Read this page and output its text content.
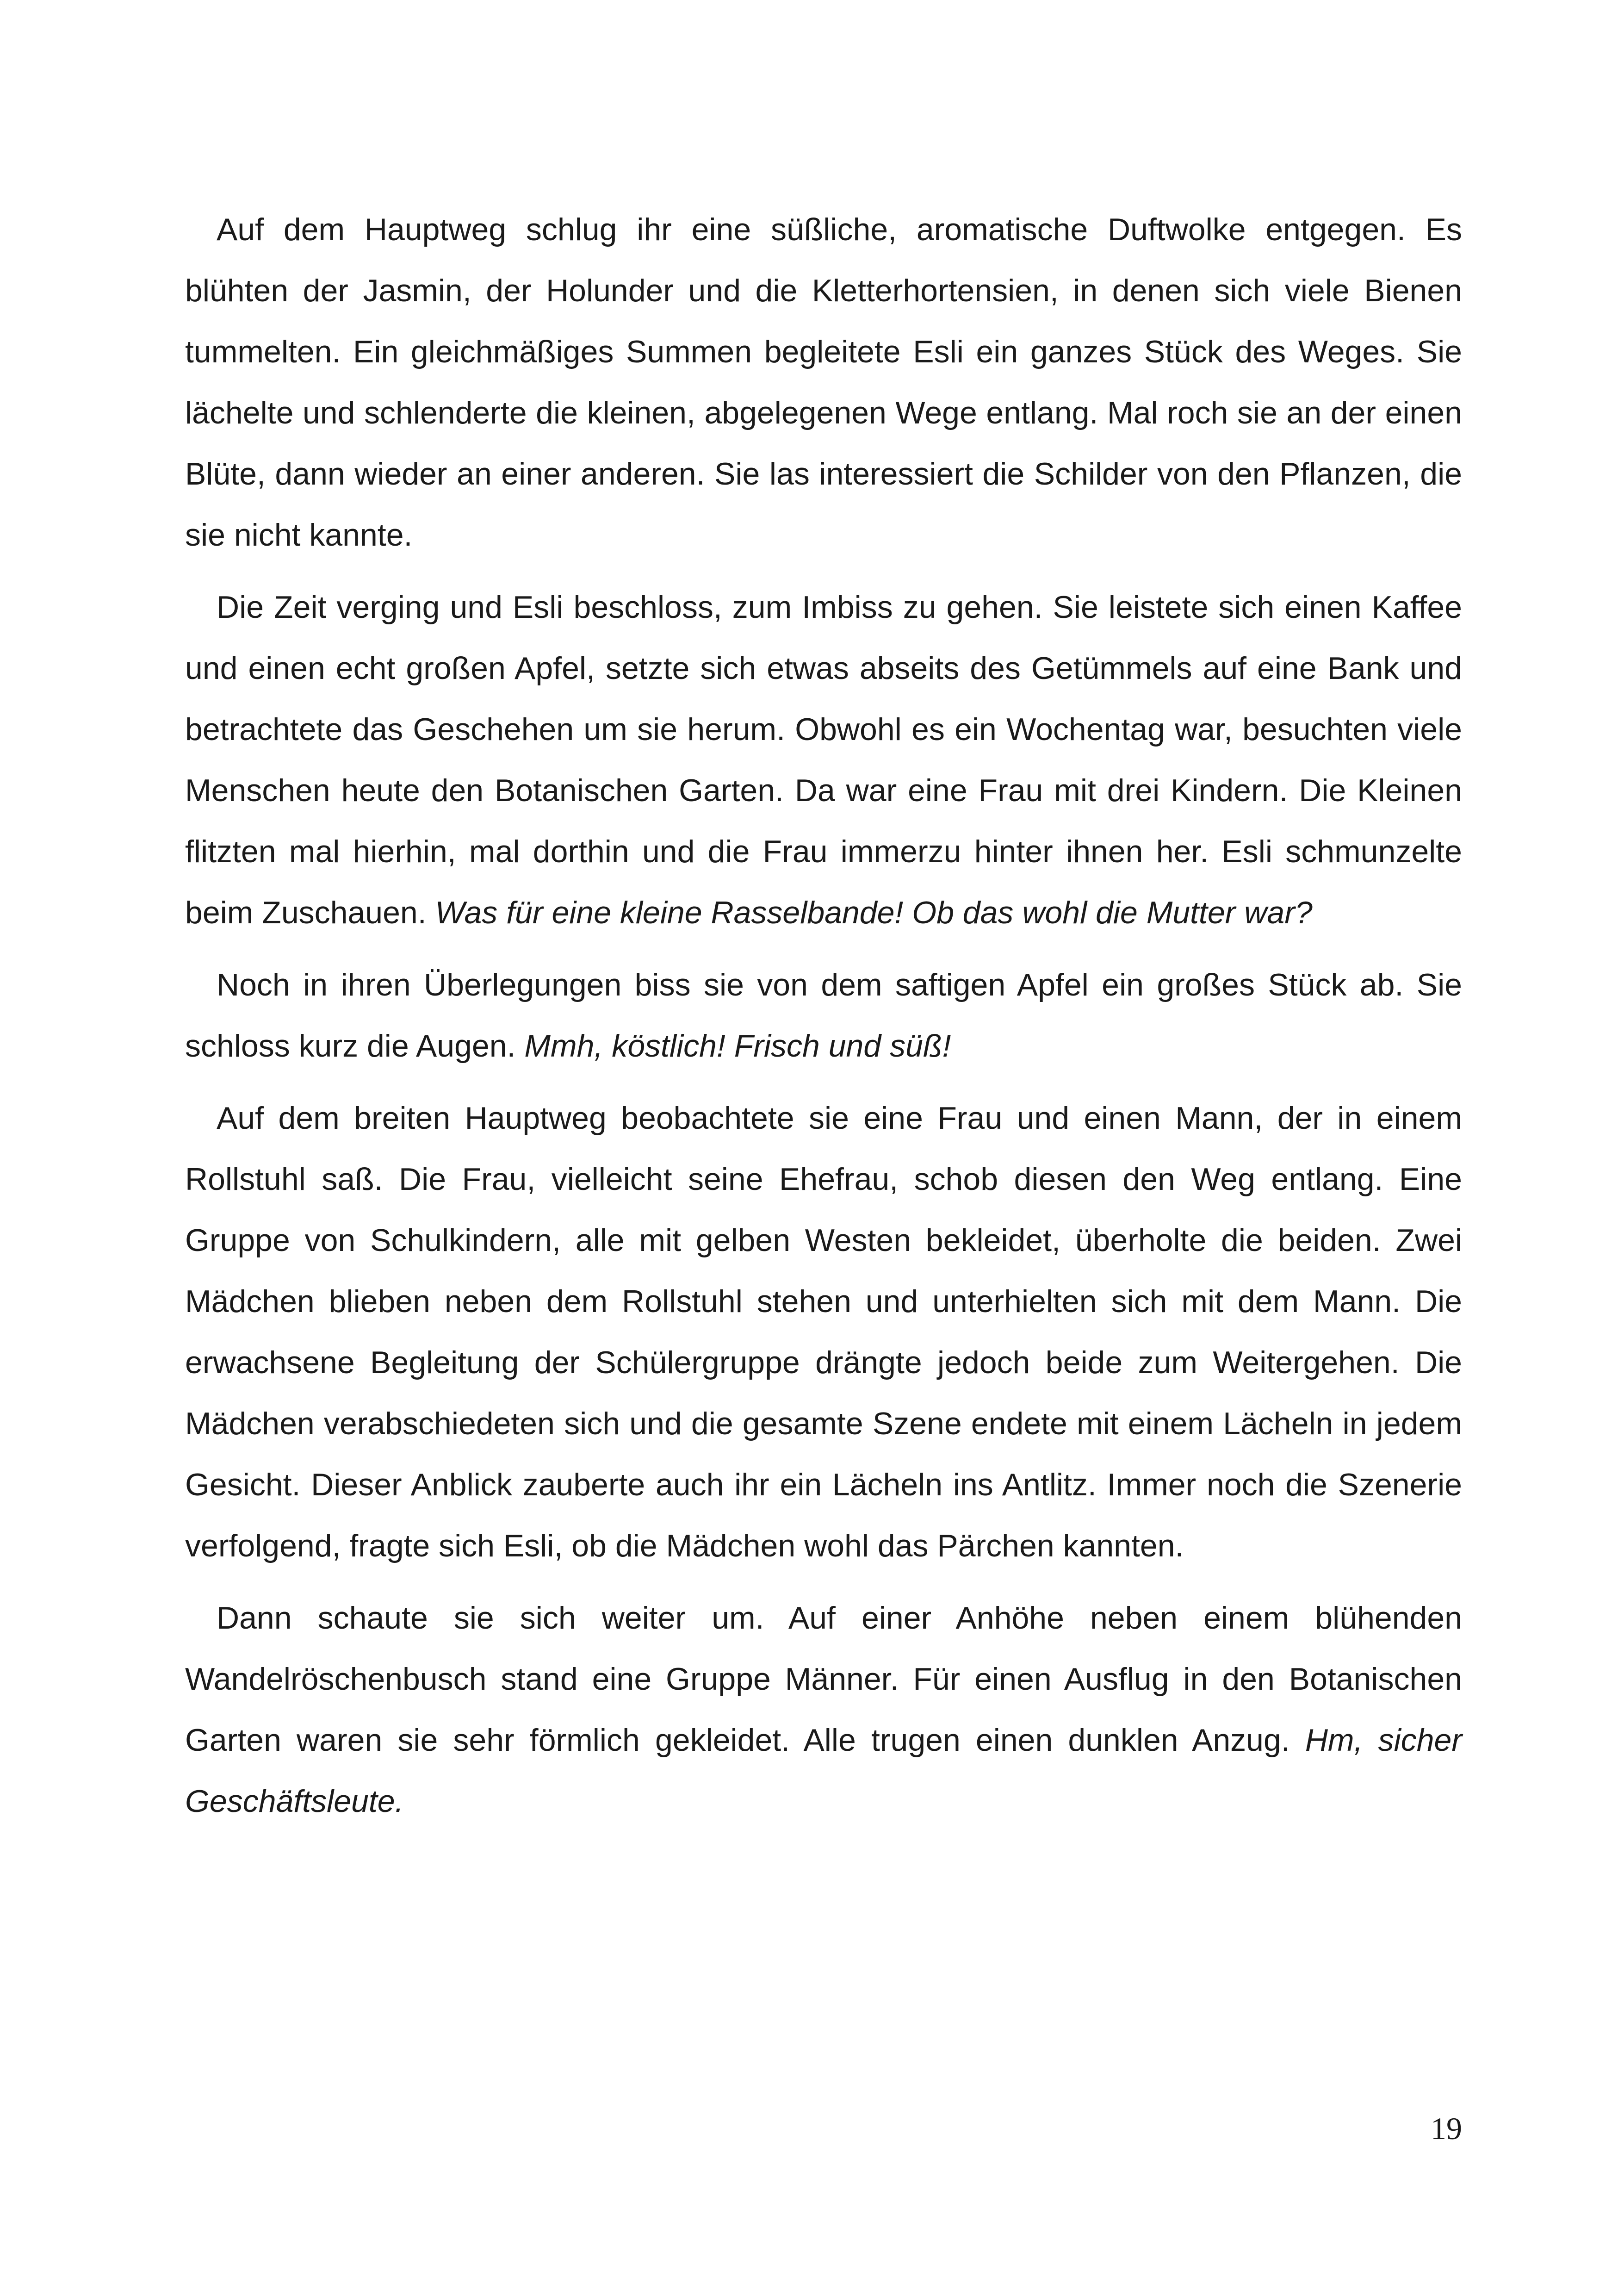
Auf dem Hauptweg schlug ihr eine süßliche, aromatische Duftwolke entgegen. Es blühten der Jasmin, der Holunder und die Kletterhortensien, in denen sich viele Bienen tummelten. Ein gleichmäßiges Summen begleitete Esli ein ganzes Stück des Weges. Sie lächelte und schlenderte die kleinen, abgelegenen Wege entlang. Mal roch sie an der einen Blüte, dann wieder an einer anderen. Sie las interessiert die Schilder von den Pflanzen, die sie nicht kannte.

Die Zeit verging und Esli beschloss, zum Imbiss zu gehen. Sie leistete sich einen Kaffee und einen echt großen Apfel, setzte sich etwas abseits des Getümmels auf eine Bank und betrachtete das Geschehen um sie herum. Obwohl es ein Wochentag war, besuchten viele Menschen heute den Botanischen Garten. Da war eine Frau mit drei Kindern. Die Kleinen flitzten mal hierhin, mal dorthin und die Frau immerzu hinter ihnen her. Esli schmunzelte beim Zuschauen. Was für eine kleine Rasselbande! Ob das wohl die Mutter war?

Noch in ihren Überlegungen biss sie von dem saftigen Apfel ein großes Stück ab. Sie schloss kurz die Augen. Mmh, köstlich! Frisch und süß!

Auf dem breiten Hauptweg beobachtete sie eine Frau und einen Mann, der in einem Rollstuhl saß. Die Frau, vielleicht seine Ehefrau, schob diesen den Weg entlang. Eine Gruppe von Schulkindern, alle mit gelben Westen bekleidet, überholte die beiden. Zwei Mädchen blieben neben dem Rollstuhl stehen und unterhielten sich mit dem Mann. Die erwachsene Begleitung der Schülergruppe drängte jedoch beide zum Weitergehen. Die Mädchen verabschiedeten sich und die gesamte Szene endete mit einem Lächeln in jedem Gesicht. Dieser Anblick zauberte auch ihr ein Lächeln ins Antlitz. Immer noch die Szenerie verfolgend, fragte sich Esli, ob die Mädchen wohl das Pärchen kannten.

Dann schaute sie sich weiter um. Auf einer Anhöhe neben einem blühenden Wandelröschenbusch stand eine Gruppe Männer. Für einen Ausflug in den Botanischen Garten waren sie sehr förmlich gekleidet. Alle trugen einen dunklen Anzug. Hm, sicher Geschäftsleute.

19
